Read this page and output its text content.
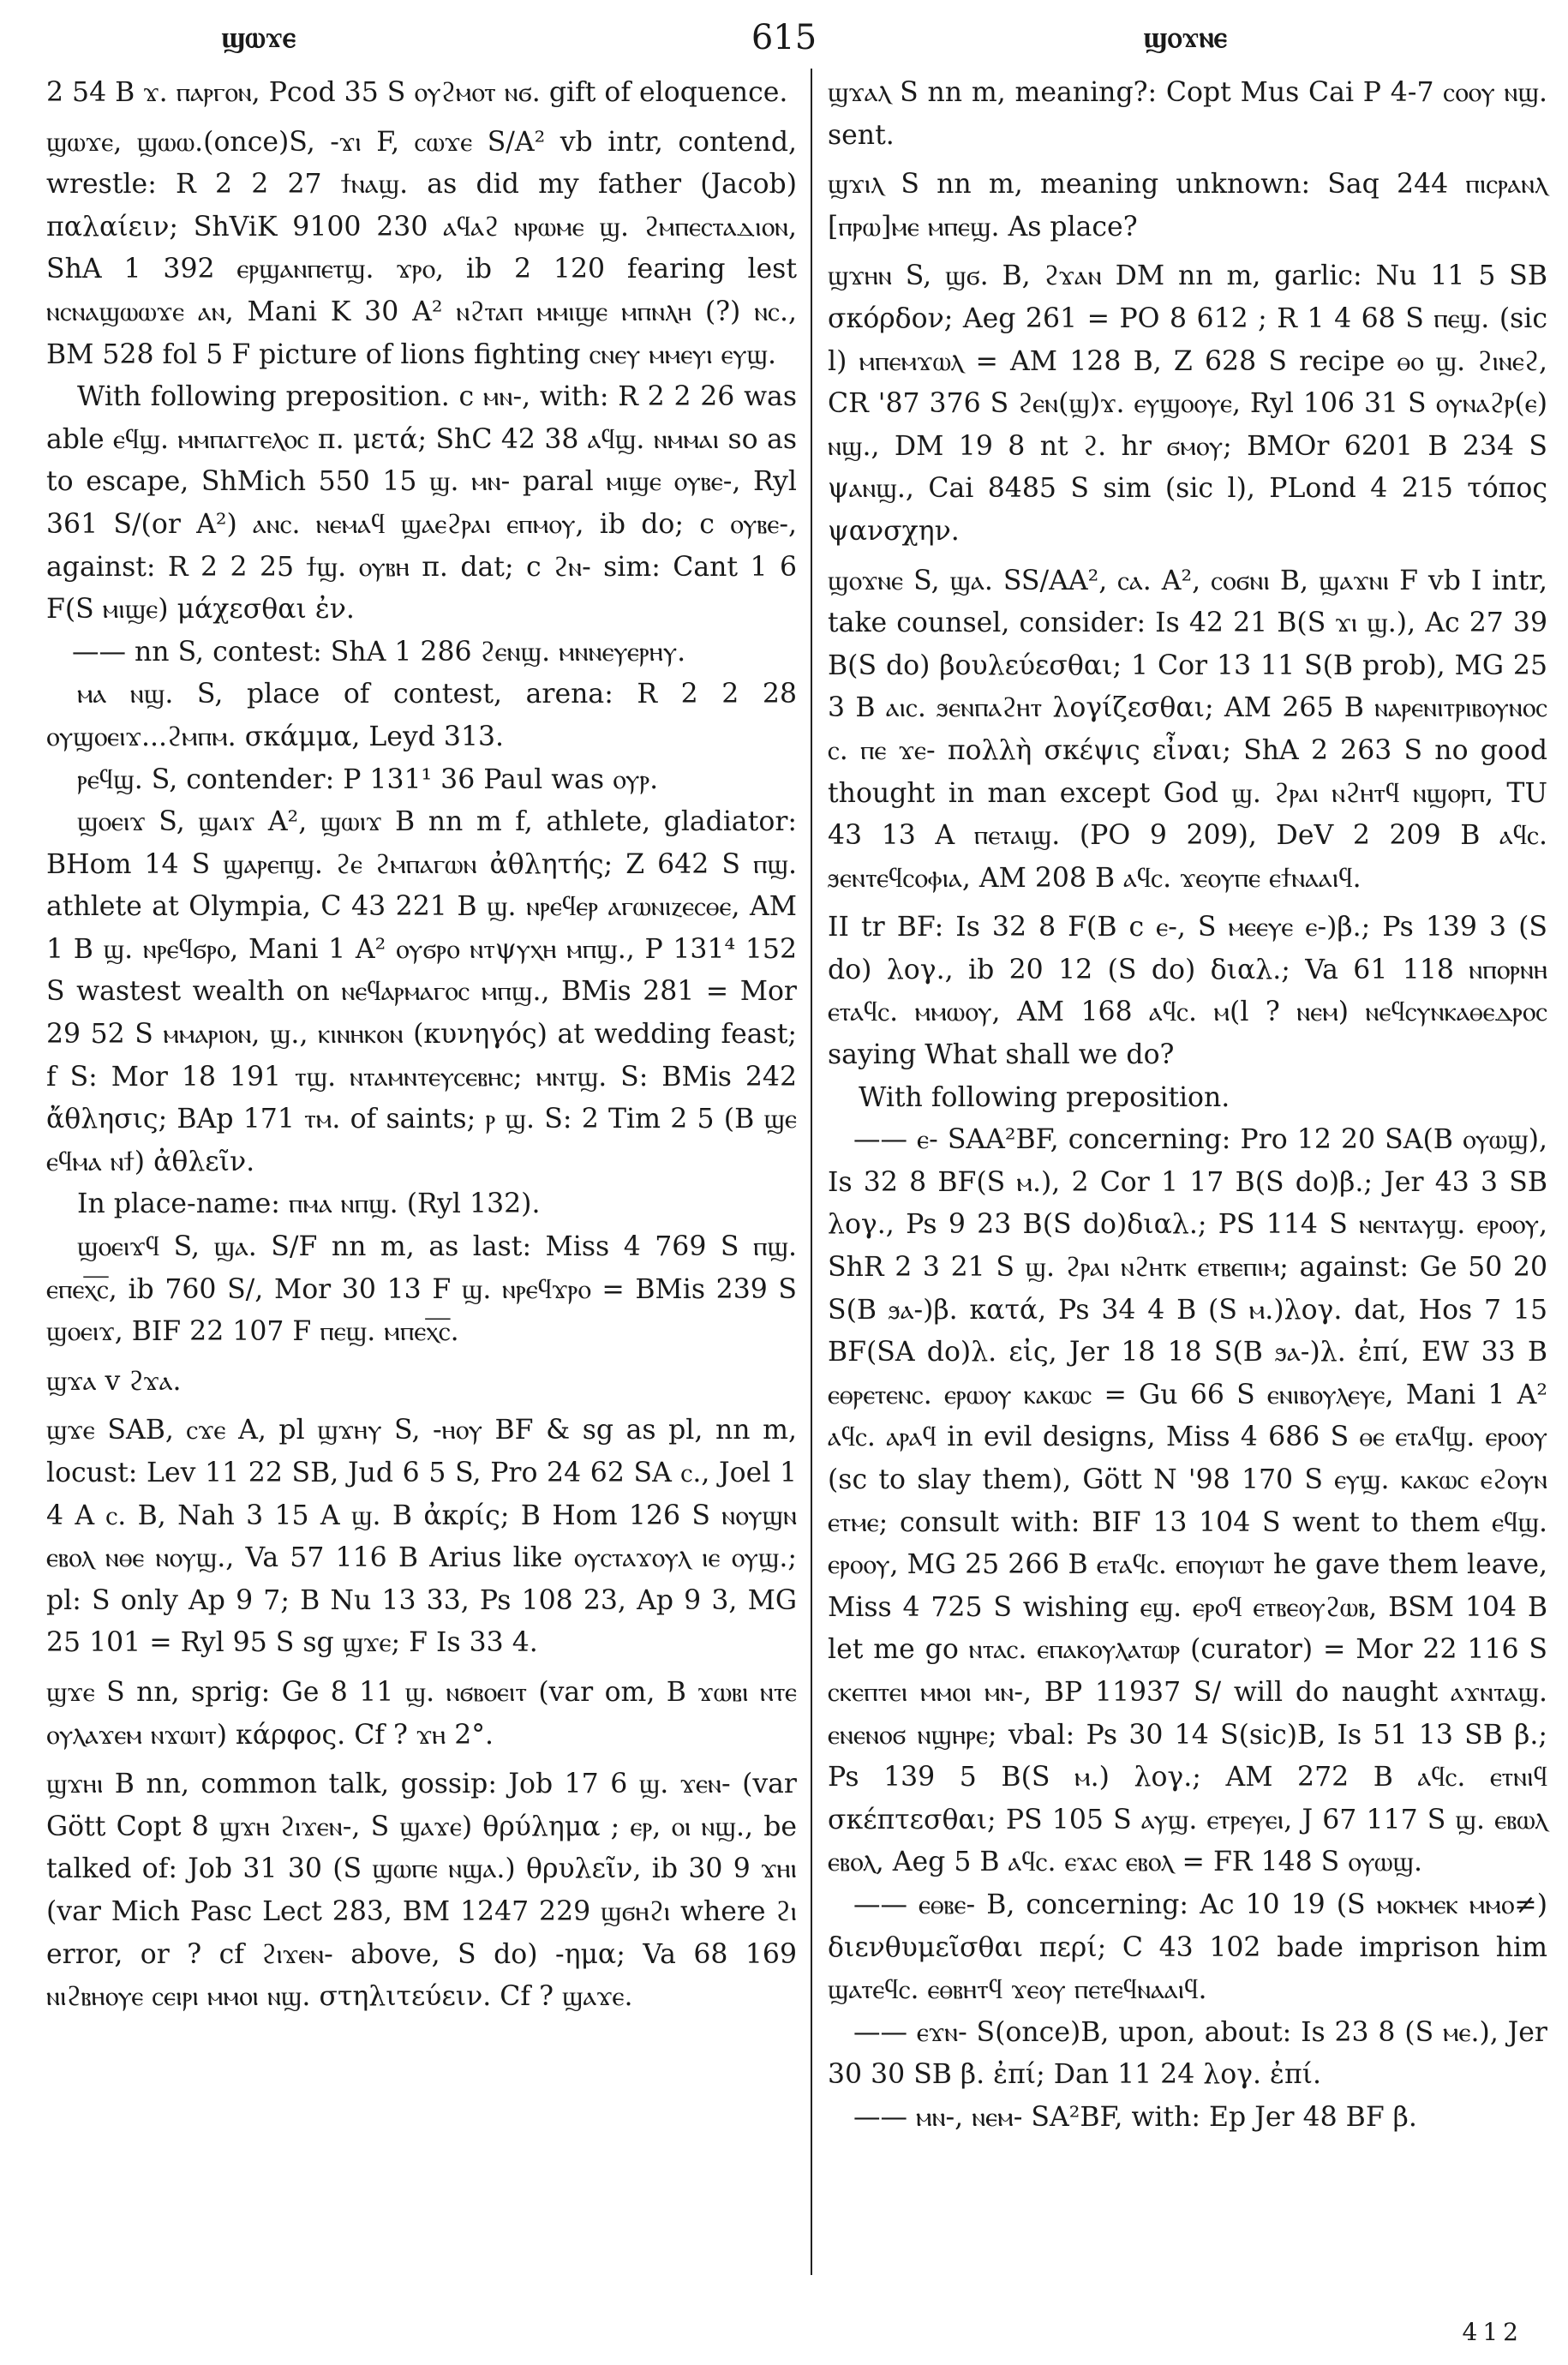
ϣⲱϫⲉ	615	ϣⲟϫⲛⲉ

2 54 B ϫ. ⲡⲁⲣⲅⲟⲛ, Pcod 35 S ⲟⲩϩⲙⲟⲧ ⲛϭ. gift of eloquence.

ϣⲱϫⲉ, ϣⲱⲱ.(once)S, -ϫⲓ F, ⲥⲱϫⲉ S/A² vb intr, contend, wrestle: R 2 2 27 ϯⲛⲁϣ. as did my father (Jacob) παλαίειν; ShViK 9100 230 ⲁϥⲁϩ ⲛⲣⲱⲙⲉ ϣ. ϩⲙⲡⲉⲥⲧⲁⲇⲓⲟⲛ, ShA 1 392 ⲉⲣϣⲁⲛⲡⲉⲧϣ. ϫⲣⲟ, ib 2 120 fearing lest ⲛⲥⲛⲁϣⲱⲱϫⲉ ⲁⲛ, Mani K 30 A² ⲛϩⲧⲁⲡ ⲙⲙⲓϣⲉ ⲙⲡⲛⲗⲏ (?) ⲛⲥ., BM 528 fol 5 F picture of lions fighting ⲥⲛⲉⲩ ⲙⲙⲉⲩⲓ ⲉⲩϣ.

With following preposition. c ⲙⲛ-, with: R 2 2 26 was able ⲉϥϣ. ⲙⲙⲡⲁⲅⲅⲉⲗⲟⲥ π. μετά; ShC 42 38 ⲁϥϣ. ⲛⲙⲙⲁⲓ so as to escape, ShMich 550 15 ϣ. ⲙⲛ- paral ⲙⲓϣⲉ ⲟⲩⲃⲉ-, Ryl 361 S/(or A²) ⲁⲛⲥ. ⲛⲉⲙⲁϥ ϣⲁⲉϩⲣⲁⲓ ⲉⲡⲙⲟⲩ, ib do; c ⲟⲩⲃⲉ-, against: R 2 2 25 ϯϣ. ⲟⲩⲃⲏ π. dat; c ϩⲛ- sim: Cant 1 6 F(S ⲙⲓϣⲉ) μάχεσθαι ἐν.

—— nn S, contest: ShA 1 286 ϩⲉⲛϣ. ⲙⲛⲛⲉⲩⲉⲣⲏⲩ.

ⲙⲁ ⲛϣ. S, place of contest, arena: R 2 2 28 ⲟⲩϣⲟⲉⲓϫ...ϩⲙⲡⲙ. σκάμμα, Leyd 313.

ⲣⲉϥϣ. S, contender: P 131¹ 36 Paul was ⲟⲩⲣ.

ϣⲟⲉⲓϫ S, ϣⲁⲓϫ A², ϣⲱⲓϫ B nn m f, athlete, gladiator: BHom 14 S ϣⲁⲣⲉⲡϣ. ϩⲉ ϩⲙⲡⲁⲅⲱⲛ ἀθλητής; Z 642 S ⲡϣ. athlete at Olympia, C 43 221 B ϣ. ⲛⲣⲉϥⲉⲣ ⲁⲅⲱⲛⲓⲍⲉⲥⲑⲉ, AM 1 B ϣ. ⲛⲣⲉϥϭⲣⲟ, Mani 1 A² ⲟⲩϭⲣⲟ ⲛⲧψⲩⲭⲏ ⲙⲡϣ., P 131⁴ 152 S wastest wealth on ⲛⲉϥⲁⲣⲙⲁⲅⲟⲥ ⲙⲡϣ., BMis 281 = Mor 29 52 S ⲙⲙⲁⲣⲓⲟⲛ, ϣ., ⲕⲓⲛⲏⲕⲟⲛ (κυνηγός) at wedding feast; f S: Mor 18 191 ⲧϣ. ⲛⲧⲁⲙⲛⲧⲉⲩⲥⲉⲃⲏⲥ; ⲙⲛⲧϣ. S: BMis 242 ἄθλησις; BAp 171 ⲧⲙ. of saints; ⲣ ϣ. S: 2 Tim 2 5 (B ϣⲉ ⲉϥⲙⲁ ⲛϯ) ἀθλεῖν.

In place-name: ⲡⲙⲁ ⲛⲡϣ. (Ryl 132).

ϣⲟⲉⲓϫϥ S, ϣⲁ. S/F nn m, as last: Miss 4 769 S ⲡϣ. ⲉⲡⲉⲭ̅ⲥ̅, ib 760 S/, Mor 30 13 F ϣ. ⲛⲣⲉϥϫⲣⲟ = BMis 239 S ϣⲟⲉⲓϫ, BIF 22 107 F ⲡⲉϣ. ⲙⲡⲉⲭ̅ⲥ̅.

ϣϫⲁ v ϩϫⲁ.

ϣϫⲉ SAB, ⲥϫⲉ A, pl ϣϫⲏⲩ S, -ⲏⲟⲩ BF & sg as pl, nn m, locust: Lev 11 22 SB, Jud 6 5 S, Pro 24 62 SA ⲥ., Joel 1 4 A ⲥ. B, Nah 3 15 A ϣ. B ἀκρίς; B Hom 126 S ⲛⲟⲩϣⲛ ⲉⲃⲟⲗ ⲛⲑⲉ ⲛⲟⲩϣ., Va 57 116 B Arius like ⲟⲩⲥⲧⲁϫⲟⲩⲗ ⲓⲉ ⲟⲩϣ.; pl: S only Ap 9 7; B Nu 13 33, Ps 108 23, Ap 9 3, MG 25 101 = Ryl 95 S sg ϣϫⲉ; F Is 33 4.

ϣϫⲉ S nn, sprig: Ge 8 11 ϣ. ⲛϭⲃⲟⲉⲓⲧ (var om, B ϫⲱⲃⲓ ⲛⲧⲉ ⲟⲩⲗⲁϫⲉⲙ ⲛϫⲱⲓⲧ) κάρφος. Cf ? ϫⲏ 2°.

ϣϫⲏⲓ B nn, common talk, gossip: Job 17 6 ϣ. ϫⲉⲛ- (var Gött Copt 8 ϣϫⲏ ϩⲓϫⲉⲛ-, S ϣⲁϫⲉ) θρύλημα ; ⲉⲣ, ⲟⲓ ⲛϣ., be talked of: Job 31 30 (S ϣⲱⲡⲉ ⲛϣⲁ.) θρυλεῖν, ib 30 9 ϫⲏⲓ (var Mich Pasc Lect 283, BM 1247 229 ϣϭⲏϩⲓ where ϩⲓ error, or ? cf ϩⲓϫⲉⲛ- above, S do) -ημα; Va 68 169 ⲛⲓϩⲃⲏⲟⲩⲉ ⲥⲉⲓⲣⲓ ⲙⲙⲟⲓ ⲛϣ. στηλιτεύειν. Cf ? ϣⲁϫⲉ.

ϣϫⲁⲗ S nn m, meaning?: Copt Mus Cai P 4-7 ⲥⲟⲟⲩ ⲛϣ. sent.

ϣϫⲓⲗ S nn m, meaning unknown: Saq 244 ⲡⲓⲥⲣⲁⲛⲗ [ⲡⲣⲱ]ⲙⲉ ⲙⲡⲉϣ. As place?

ϣϫⲏⲛ S, ϣϭ. B, ϩϫⲁⲛ DM nn m, garlic: Nu 11 5 SB σκόρδον; Aeg 261 = PO 8 612 ; R 1 4 68 S ⲡⲉϣ. (sic l) ⲙⲡⲉⲙϫⲱⲗ = AM 128 B, Z 628 S recipe ⲑⲟ ϣ. ϩⲓⲛⲉϩ, CR '87 376 S ϩⲉⲛ(ϣ)ϫ. ⲉⲩϣⲟⲟⲩⲉ, Ryl 106 31 S ⲟⲩⲛⲁϩⲣ(ⲉ) ⲛϣ., DM 19 8 nt ϩ. hr ϭⲙⲟⲩ; BMOr 6201 B 234 S ψⲁⲛϣ., Cai 8485 S sim (sic l), PLond 4 215 τόπος ψανσχην.

ϣⲟϫⲛⲉ S, ϣⲁ. SS/AA², ⲥⲁ. A², ⲥⲟϭⲛⲓ B, ϣⲁϫⲛⲓ F vb I intr, take counsel, consider: Is 42 21 B(S ϫⲓ ϣ.), Ac 27 39 B(S do) βουλεύεσθαι; 1 Cor 13 11 S(B prob), MG 25 3 B ⲁⲓⲥ. ϧⲉⲛⲡⲁϩⲏⲧ λογίζεσθαι; AM 265 B ⲛⲁⲣⲉⲛⲓⲧⲣⲓⲃⲟⲩⲛⲟⲥ ⲥ. ⲡⲉ ϫⲉ- πολλὴ σκέψις εἶναι; ShA 2 263 S no good thought in man except God ϣ. ϩⲣⲁⲓ ⲛϩⲏⲧϥ ⲛϣⲟⲣⲡ, TU 43 13 A ⲡⲉⲧⲁⲓϣ. (PO 9 209), DeV 2 209 B ⲁϥⲥ. ϧⲉⲛⲧⲉϥⲥⲟⲫⲓⲁ, AM 208 B ⲁϥⲥ. ϫⲉⲟⲩⲡⲉ ⲉϯⲛⲁⲁⲓϥ.

II tr BF: Is 32 8 F(B c ⲉ-, S ⲙⲉⲉⲩⲉ ⲉ-)β.; Ps 139 3 (S do) λογ., ib 20 12 (S do) διαλ.; Va 61 118 ⲛⲡⲟⲣⲛⲏ ⲉⲧⲁϥⲥ. ⲙⲙⲱⲟⲩ, AM 168 ⲁϥⲥ. ⲙ(l ? ⲛⲉⲙ) ⲛⲉϥⲥⲩⲛⲕⲁⲑⲉⲇⲣⲟⲥ saying What shall we do?

With following preposition.

—— ⲉ- SAA²BF, concerning: Pro 12 20 SA(B ⲟⲩⲱϣ), Is 32 8 BF(S ⲙ.), 2 Cor 1 17 B(S do)β.; Jer 43 3 SB λογ., Ps 9 23 B(S do)διαλ.; PS 114 S ⲛⲉⲛⲧⲁⲩϣ. ⲉⲣⲟⲟⲩ, ShR 2 3 21 S ϣ. ϩⲣⲁⲓ ⲛϩⲏⲧⲕ ⲉⲧⲃⲉⲡⲓⲙ; against: Ge 50 20 S(B ϧⲁ-)β. κατά, Ps 34 4 B (S ⲙ.)λογ. dat, Hos 7 15 BF(SA do)λ. εἰς, Jer 18 18 S(B ϧⲁ-)λ. ἐπί, EW 33 B ⲉⲑⲣⲉⲧⲉⲛⲥ. ⲉⲣⲱⲟⲩ ⲕⲁⲕⲱⲥ = Gu 66 S ⲉⲛⲓⲃⲟⲩⲗⲉⲩⲉ, Mani 1 A² ⲁϥⲥ. ⲁⲣⲁϥ in evil designs, Miss 4 686 S ⲑⲉ ⲉⲧⲁϥϣ. ⲉⲣⲟⲟⲩ (sc to slay them), Gött N '98 170 S ⲉⲩϣ. ⲕⲁⲕⲱⲥ ⲉϩⲟⲩⲛ ⲉⲧⲙⲉ; consult with: BIF 13 104 S went to them ⲉϥϣ. ⲉⲣⲟⲟⲩ, MG 25 266 B ⲉⲧⲁϥⲥ. ⲉⲡⲟⲩⲓⲱⲧ he gave them leave, Miss 4 725 S wishing ⲉϣ. ⲉⲣⲟϥ ⲉⲧⲃⲉⲟⲩϩⲱⲃ, BSM 104 B let me go ⲛⲧⲁⲥ. ⲉⲡⲁⲕⲟⲩⲗⲁⲧⲱⲣ (curator) = Mor 22 116 S ⲥⲕⲉⲡⲧⲉⲓ ⲙⲙⲟⲓ ⲙⲛ-, BP 11937 S/ will do naught ⲁϫⲛⲧⲁϣ. ⲉⲛⲉⲛⲟϭ ⲛϣⲏⲣⲉ; vbal: Ps 30 14 S(sic)B, Is 51 13 SB β.; Ps 139 5 B(S ⲙ.) λογ.; AM 272 B ⲁϥⲥ. ⲉⲧⲛⲓϥ σκέπτεσθαι; PS 105 S ⲁⲩϣ. ⲉⲧⲣⲉⲩⲉⲓ, J 67 117 S ϣ. ⲉⲃⲱⲗ ⲉⲃⲟⲗ, Aeg 5 B ⲁϥⲥ. ⲉϫⲁⲥ ⲉⲃⲟⲗ = FR 148 S ⲟⲩⲱϣ.

—— ⲉⲑⲃⲉ- B, concerning: Ac 10 19 (S ⲙⲟⲕⲙⲉⲕ ⲙⲙⲟ≠) διενθυμεῖσθαι περί; C 43 102 bade imprison him ϣⲁⲧⲉϥⲥ. ⲉⲑⲃⲏⲧϥ ϫⲉⲟⲩ ⲡⲉⲧⲉϥⲛⲁⲁⲓϥ.

—— ⲉϫⲛ- S(once)B, upon, about: Is 23 8 (S ⲙⲉ.), Jer 30 30 SB β. ἐπί; Dan 11 24 λογ. ἐπί.

—— ⲙⲛ-, ⲛⲉⲙ- SA²BF, with: Ep Jer 48 BF β.

412
